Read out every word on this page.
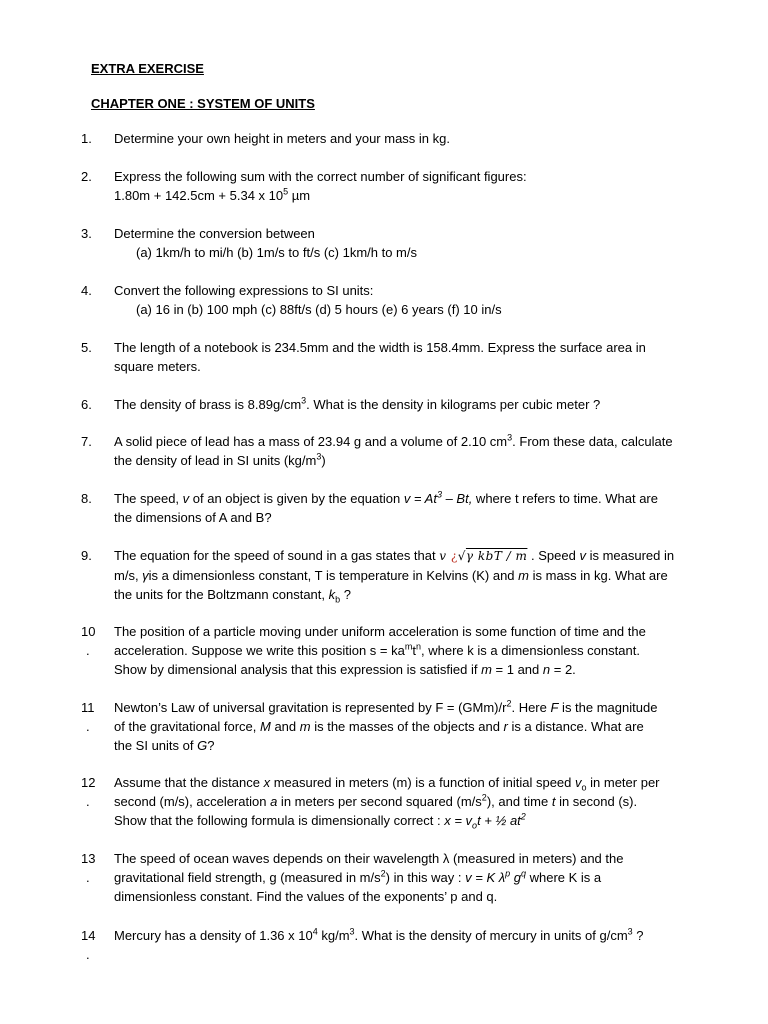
EXTRA EXERCISE
CHAPTER ONE : SYSTEM OF UNITS
1.	Determine your own height in meters and your mass in kg.
2.	Express the following sum with the correct number of significant figures:
1.80m + 142.5cm + 5.34 x $10^5$ µm
3.	Determine the conversion between
(a) 1km/h to mi/h (b) 1m/s to ft/s (c) 1km/h to m/s
4.	Convert the following expressions to SI units:
(a) 16 in (b) 100 mph (c) 88ft/s (d) 5 hours (e) 6 years (f) 10 in/s
5.	The length of a notebook is 234.5mm and the width is 158.4mm. Express the surface area in
square meters.
6.	The density of brass is $8.89g/cm^3$. What is the density in kilograms per cubic meter ?
7.	A solid piece of lead has a mass of 23.94 g and a volume of 2.10 $cm^3$. From these data, calculate
the density of lead in SI units $(kg/m^3)$
8.	The speed, v of an object is given by the equation $v = At^3 - Bt$, where t refers to time. What are
the dimensions of A and B?
9.	The equation for the speed of sound in a gas states that v ¿√γ kbT / m . Speed v is measured in
m/s, γis a dimensionless constant, T is temperature in Kelvins (K) and m is mass in kg. What are
the units for the Boltzmann constant, $k_b$ ?
10
.
The position of a particle moving under uniform acceleration is some function of time and the
acceleration. Suppose we write this position $s = ka^mt^n$, where k is a dimensionless constant.
Show by dimensional analysis that this expression is satisfied if m = 1 and n = 2.
11
.
Newton’s Law of universal gravitation is represented by $F = (GMm)/r^2$. Here F is the magnitude
of the gravitational force, M and m is the masses of the objects and r is a distance. What are
the SI units of G?
12
.
Assume that the distance x measured in meters (m) is a function of initial speed $v_o$ in meter per
second (m/s), acceleration a in meters per second squared $(m/s^2)$, and time t in second (s).
Show that the following formula is dimensionally correct : $x = v_ot$ + ½ $at^2$
13
.
The speed of ocean waves depends on their wavelength λ (measured in meters) and the
gravitational field strength, g (measured in $m/s^2$) in this way : v = K $\lambda^p$ $g^q$ where K is a
dimensionless constant. Find the values of the exponents’ p and q.
14
.
Mercury has a density of 1.36 x $10^4$ $kg/m^3$. What is the density of mercury in units of $g/cm^3$ ?
